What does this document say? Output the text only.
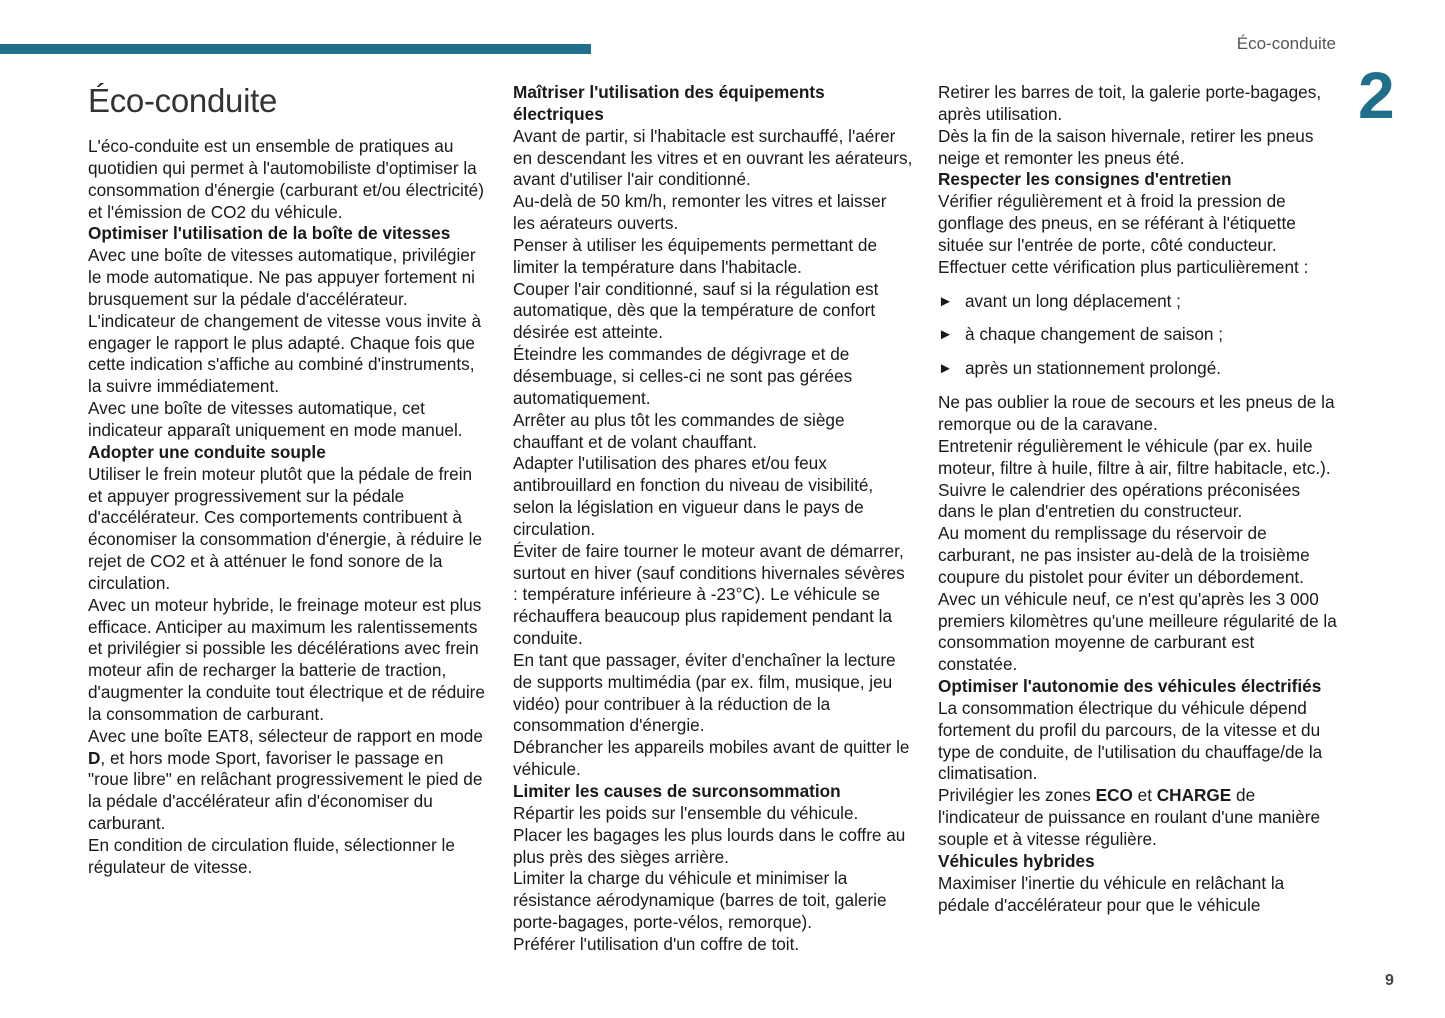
Éco-conduite
2
9
Éco-conduite

L'éco-conduite est un ensemble de pratiques au quotidien qui permet à l'automobiliste d'optimiser la consommation d'énergie (carburant et/ou électricité) et l'émission de CO2 du véhicule.

Optimiser l'utilisation de la boîte de vitesses

Avec une boîte de vitesses automatique, privilégier le mode automatique. Ne pas appuyer fortement ni brusquement sur la pédale d'accélérateur.

L'indicateur de changement de vitesse vous invite à engager le rapport le plus adapté. Chaque fois que cette indication s'affiche au combiné d'instruments, la suivre immédiatement.

Avec une boîte de vitesses automatique, cet indicateur apparaît uniquement en mode manuel.

Adopter une conduite souple

Utiliser le frein moteur plutôt que la pédale de frein et appuyer progressivement sur la pédale d'accélérateur. Ces comportements contribuent à économiser la consommation d'énergie, à réduire le rejet de CO2 et à atténuer le fond sonore de la circulation.

Avec un moteur hybride, le freinage moteur est plus efficace. Anticiper au maximum les ralentissements et privilégier si possible les décélérations avec frein moteur afin de recharger la batterie de traction, d'augmenter la conduite tout électrique et de réduire la consommation de carburant.

Avec une boîte EAT8, sélecteur de rapport en mode D, et hors mode Sport, favoriser le passage en "roue libre" en relâchant progressivement le pied de la pédale d'accélérateur afin d'économiser du carburant.

En condition de circulation fluide, sélectionner le régulateur de vitesse.

Maîtriser l'utilisation des équipements électriques

Avant de partir, si l'habitacle est surchauffé, l'aérer en descendant les vitres et en ouvrant les aérateurs, avant d'utiliser l'air conditionné.

Au-delà de 50 km/h, remonter les vitres et laisser les aérateurs ouverts.

Penser à utiliser les équipements permettant de limiter la température dans l'habitacle.

Couper l'air conditionné, sauf si la régulation est automatique, dès que la température de confort désirée est atteinte.

Éteindre les commandes de dégivrage et de désembuage, si celles-ci ne sont pas gérées automatiquement.

Arrêter au plus tôt les commandes de siège chauffant et de volant chauffant.

Adapter l'utilisation des phares et/ou feux antibrouillard en fonction du niveau de visibilité, selon la législation en vigueur dans le pays de circulation.

Éviter de faire tourner le moteur avant de démarrer, surtout en hiver (sauf conditions hivernales sévères : température inférieure à -23°C). Le véhicule se réchauffera beaucoup plus rapidement pendant la conduite.

En tant que passager, éviter d'enchaîner la lecture de supports multimédia (par ex. film, musique, jeu vidéo) pour contribuer à la réduction de la consommation d'énergie.

Débrancher les appareils mobiles avant de quitter le véhicule.

Limiter les causes de surconsommation

Répartir les poids sur l'ensemble du véhicule.

Placer les bagages les plus lourds dans le coffre au plus près des sièges arrière.

Limiter la charge du véhicule et minimiser la résistance aérodynamique (barres de toit, galerie porte-bagages, porte-vélos, remorque).

Préférer l'utilisation d'un coffre de toit.

Retirer les barres de toit, la galerie porte-bagages, après utilisation.

Dès la fin de la saison hivernale, retirer les pneus neige et remonter les pneus été.

Respecter les consignes d'entretien

Vérifier régulièrement et à froid la pression de gonflage des pneus, en se référant à l'étiquette située sur l'entrée de porte, côté conducteur.

Effectuer cette vérification plus particulièrement :

► avant un long déplacement ;
► à chaque changement de saison ;
► après un stationnement prolongé.

Ne pas oublier la roue de secours et les pneus de la remorque ou de la caravane.

Entretenir régulièrement le véhicule (par ex. huile moteur, filtre à huile, filtre à air, filtre habitacle, etc.). Suivre le calendrier des opérations préconisées dans le plan d'entretien du constructeur.

Au moment du remplissage du réservoir de carburant, ne pas insister au-delà de la troisième coupure du pistolet pour éviter un débordement.

Avec un véhicule neuf, ce n'est qu'après les 3 000 premiers kilomètres qu'une meilleure régularité de la consommation moyenne de carburant est constatée.

Optimiser l'autonomie des véhicules électrifiés

La consommation électrique du véhicule dépend fortement du profil du parcours, de la vitesse et du type de conduite, de l'utilisation du chauffage/de la climatisation.

Privilégier les zones ECO et CHARGE de l'indicateur de puissance en roulant d'une manière souple et à vitesse régulière.

Véhicules hybrides

Maximiser l'inertie du véhicule en relâchant la pédale d'accélérateur pour que le véhicule
